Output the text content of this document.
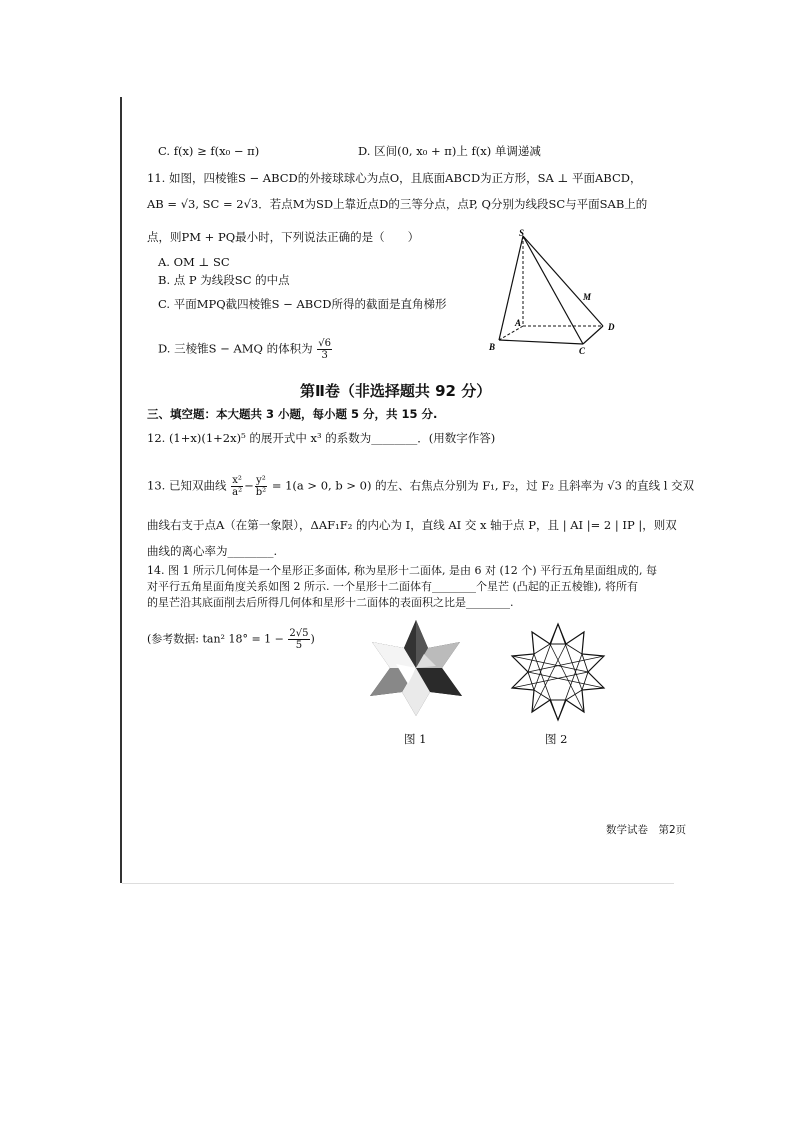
C. f(x) ≥ f(x₀ − π)	D. 区间(0, x₀ + π)上 f(x) 单调递减
11. 如图，四棱锥S − ABCD的外接球球心为点O，且底面ABCD为正方形，SA ⊥ 平面ABCD，
AB = √3, SC = 2√3．若点M为SD上靠近点D的三等分点，点P, Q分别为线段SC与平面SAB上的
点，则PM + PQ最小时，下列说法正确的是（　　）
A. OM ⊥ SC
B. 点 P 为线段SC 的中点
C. 平面MPQ截四棱锥S − ABCD所得的截面是直角梯形
D. 三棱锥S − AMQ 的体积为 $\frac{√6}{3}$
S
M
A	D
B	C
第Ⅱ卷（非选择题共 92 分）
三、填空题：本大题共 3 小题，每小题 5 分，共 15 分.
12. (1+x)(1+2x)⁵ 的展开式中 x³ 的系数为________．(用数字作答)
13. 已知双曲线 $\frac{\text{x²}}{\text{a²}} - \frac{\text{y²}}{\text{b²}} = 1(a > 0$, b > 0) 的左、右焦点分别为 F₁, F₂，过 F₂ 且斜率为 √3 的直线 l 交双
曲线右支于点A（在第一象限），ΔAF₁F₂ 的内心为 I，直线 AI 交 x 轴于点 P，且 | AI |= 2 | IP |，则双
曲线的离心率为________.
14. 图 1 所示几何体是一个星形正多面体, 称为星形十二面体, 是由 6 对 (12 个) 平行五角星面组成的, 每
对平行五角星面角度关系如图 2 所示. 一个星形十二面体有________个星芒 (凸起的正五棱锥), 将所有
的星芒沿其底面削去后所得几何体和星形十二面体的表面积之比是________.
(参考数据: tan² $18^\circ = 1 - \frac{2√5}{5}$ )
图 1	图 2
数学试卷　第2页
